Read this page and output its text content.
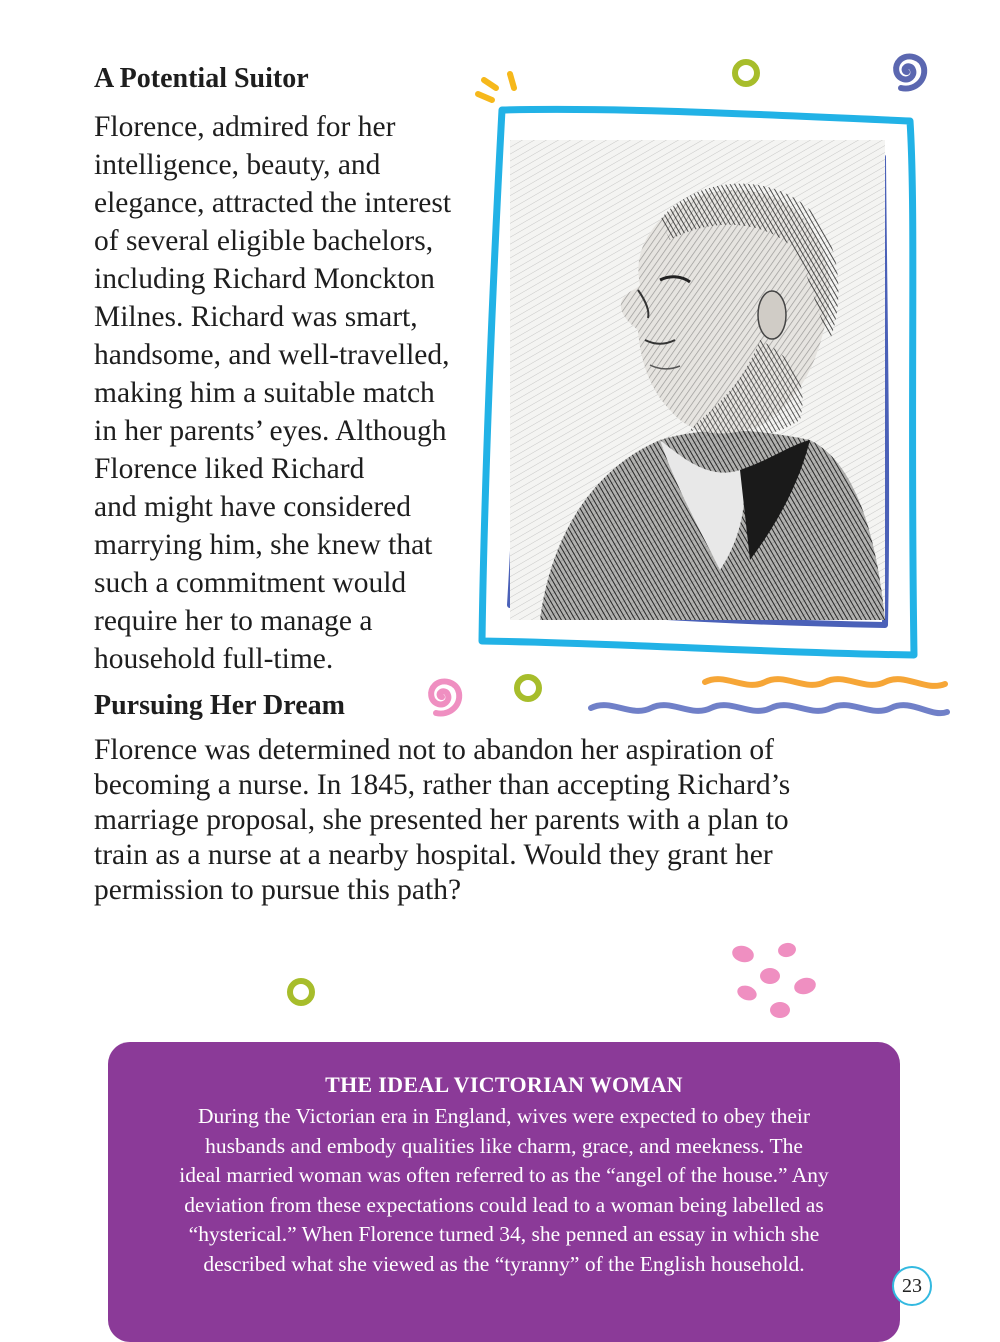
A Potential Suitor
Florence, admired for her
intelligence, beauty, and
elegance, attracted the interest
of several eligible bachelors,
including Richard Monckton
Milnes. Richard was smart,
handsome, and well-travelled,
making him a suitable match
in her parents’ eyes. Although
Florence liked Richard
and might have considered
marrying him, she knew that
such a commitment would
require her to manage a
household full-time.
Pursuing Her Dream
Florence was determined not to abandon her aspiration of
becoming a nurse. In 1845, rather than accepting Richard’s
marriage proposal, she presented her parents with a plan to
train as a nurse at a nearby hospital. Would they grant her
permission to pursue this path?
THE IDEAL VICTORIAN WOMAN
During the Victorian era in England, wives were expected to obey their
husbands and embody qualities like charm, grace, and meekness. The
ideal married woman was often referred to as the “angel of the house.” Any
deviation from these expectations could lead to a woman being labelled as
“hysterical.” When Florence turned 34, she penned an essay in which she
described what she viewed as the “tyranny” of the English household.
23
